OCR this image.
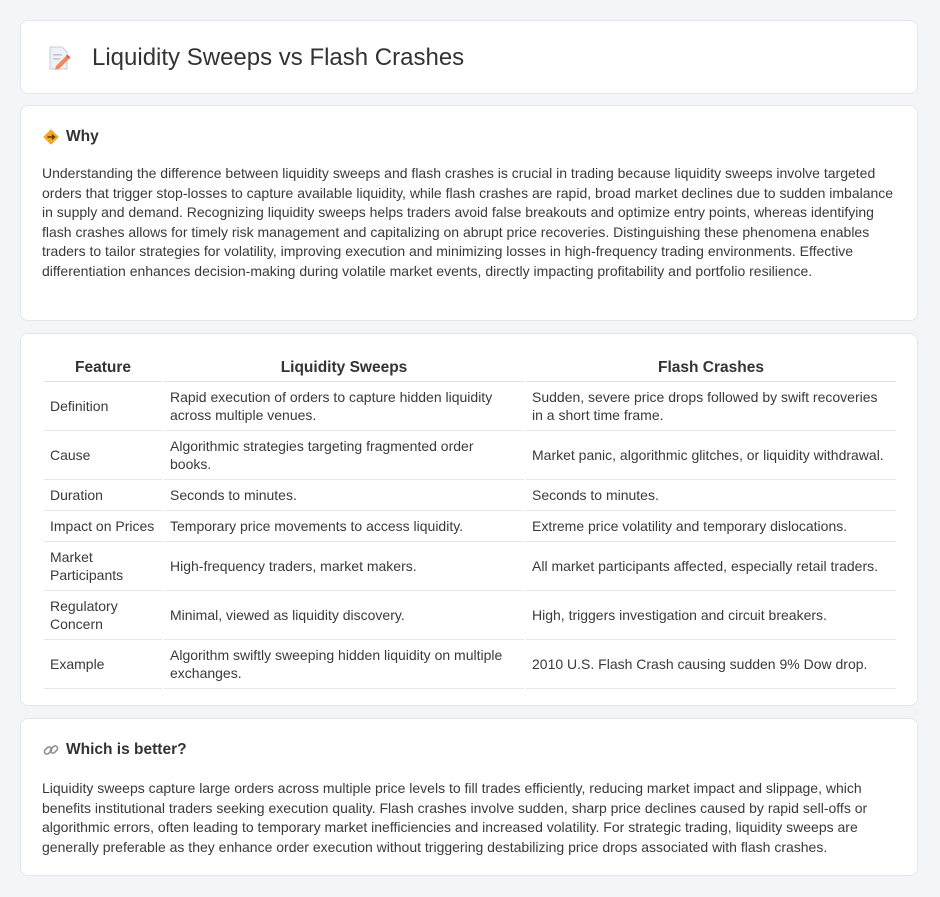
Liquidity Sweeps vs Flash Crashes
Why

Understanding the difference between liquidity sweeps and flash crashes is crucial in trading because liquidity sweeps involve targeted orders that trigger stop-losses to capture available liquidity, while flash crashes are rapid, broad market declines due to sudden imbalance in supply and demand. Recognizing liquidity sweeps helps traders avoid false breakouts and optimize entry points, whereas identifying flash crashes allows for timely risk management and capitalizing on abrupt price recoveries. Distinguishing these phenomena enables traders to tailor strategies for volatility, improving execution and minimizing losses in high-frequency trading environments. Effective differentiation enhances decision-making during volatile market events, directly impacting profitability and portfolio resilience.

Feature	Liquidity Sweeps	Flash Crashes
Definition	Rapid execution of orders to capture hidden liquidity across multiple venues.	Sudden, severe price drops followed by swift recoveries in a short time frame.
Cause	Algorithmic strategies targeting fragmented order books.	Market panic, algorithmic glitches, or liquidity withdrawal.
Duration	Seconds to minutes.	Seconds to minutes.
Impact on Prices	Temporary price movements to access liquidity.	Extreme price volatility and temporary dislocations.
Market Participants	High-frequency traders, market makers.	All market participants affected, especially retail traders.
Regulatory Concern	Minimal, viewed as liquidity discovery.	High, triggers investigation and circuit breakers.
Example	Algorithm swiftly sweeping hidden liquidity on multiple exchanges.	2010 U.S. Flash Crash causing sudden 9% Dow drop.
Which is better?

Liquidity sweeps capture large orders across multiple price levels to fill trades efficiently, reducing market impact and slippage, which benefits institutional traders seeking execution quality. Flash crashes involve sudden, sharp price declines caused by rapid sell-offs or algorithmic errors, often leading to temporary market inefficiencies and increased volatility. For strategic trading, liquidity sweeps are generally preferable as they enhance order execution without triggering destabilizing price drops associated with flash crashes.
